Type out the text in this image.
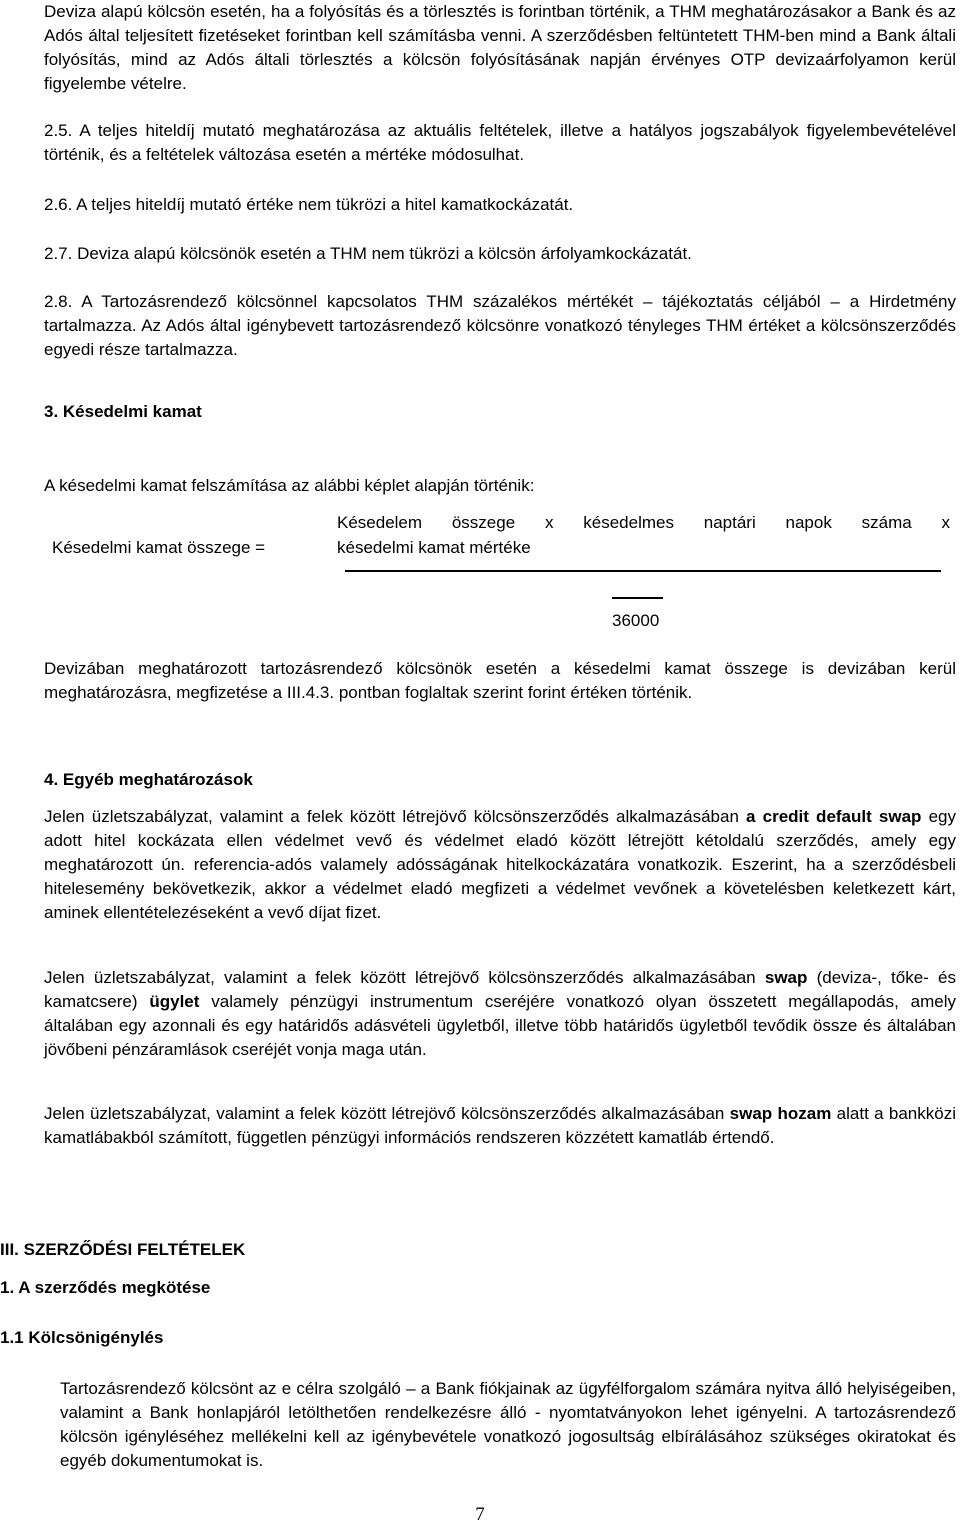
Deviza alapú kölcsön esetén, ha a folyósítás és a törlesztés is forintban történik, a THM meghatározásakor a Bank és az Adós által teljesített fizetéseket forintban kell számításba venni. A szerződésben feltüntetett THM-ben mind a Bank általi folyósítás, mind az Adós általi törlesztés a kölcsön folyósításának napján érvényes OTP devizaárfolyamon kerül figyelembe vételre.

2.5. A teljes hiteldíj mutató meghatározása az aktuális feltételek, illetve a hatályos jogszabályok figyelembevételével történik, és a feltételek változása esetén a mértéke módosulhat.

2.6. A teljes hiteldíj mutató értéke nem tükrözi a hitel kamatkockázatát.

2.7. Deviza alapú kölcsönök esetén a THM nem tükrözi a kölcsön árfolyamkockázatát.

2.8. A Tartozásrendező kölcsönnel kapcsolatos THM százalékos mértékét – tájékoztatás céljából – a Hirdetmény tartalmazza. Az Adós által igénybevett tartozásrendező kölcsönre vonatkozó tényleges THM értéket a kölcsönszerződés egyedi része tartalmazza.

3. Késedelmi kamat

A késedelmi kamat felszámítása az alábbi képlet alapján történik:

Késedelmi kamat összege =
Késedelem összege x késedelmes naptári napok száma x
késedelmi kamat mértéke
36000

Devizában meghatározott tartozásrendező kölcsönök esetén a késedelmi kamat összege is devizában kerül meghatározásra, megfizetése a III.4.3. pontban foglaltak szerint forint értéken történik.

4. Egyéb meghatározások

Jelen üzletszabályzat, valamint a felek között létrejövő kölcsönszerződés alkalmazásában a credit default swap egy adott hitel kockázata ellen védelmet vevő és védelmet eladó között létrejött kétoldalú szerződés, amely egy meghatározott ún. referencia-adós valamely adósságának hitelkockázatára vonatkozik. Eszerint, ha a szerződésbeli hitelesemény bekövetkezik, akkor a védelmet eladó megfizeti a védelmet vevőnek a követelésben keletkezett kárt, aminek ellentételezéseként a vevő díjat fizet.

Jelen üzletszabályzat, valamint a felek között létrejövő kölcsönszerződés alkalmazásában swap (deviza-, tőke- és kamatcsere) ügylet valamely pénzügyi instrumentum cseréjére vonatkozó olyan összetett megállapodás, amely általában egy azonnali és egy határidős adásvételi ügyletből, illetve több határidős ügyletből tevődik össze és általában jövőbeni pénzáramlások cseréjét vonja maga után.

Jelen üzletszabályzat, valamint a felek között létrejövő kölcsönszerződés alkalmazásában swap hozam alatt a bankközi kamatlábakból számított, független pénzügyi információs rendszeren közzétett kamatláb értendő.

III. SZERZŐDÉSI FELTÉTELEK

1. A szerződés megkötése

1.1 Kölcsönigénylés

Tartozásrendező kölcsönt az e célra szolgáló – a Bank fiókjainak az ügyfélforgalom számára nyitva álló helyiségeiben, valamint a Bank honlapjáról letölthetően rendelkezésre álló - nyomtatványokon lehet igényelni. A tartozásrendező kölcsön igényléséhez mellékelni kell az igénybevétele vonatkozó jogosultság elbírálásához szükséges okiratokat és egyéb dokumentumokat is.

7
